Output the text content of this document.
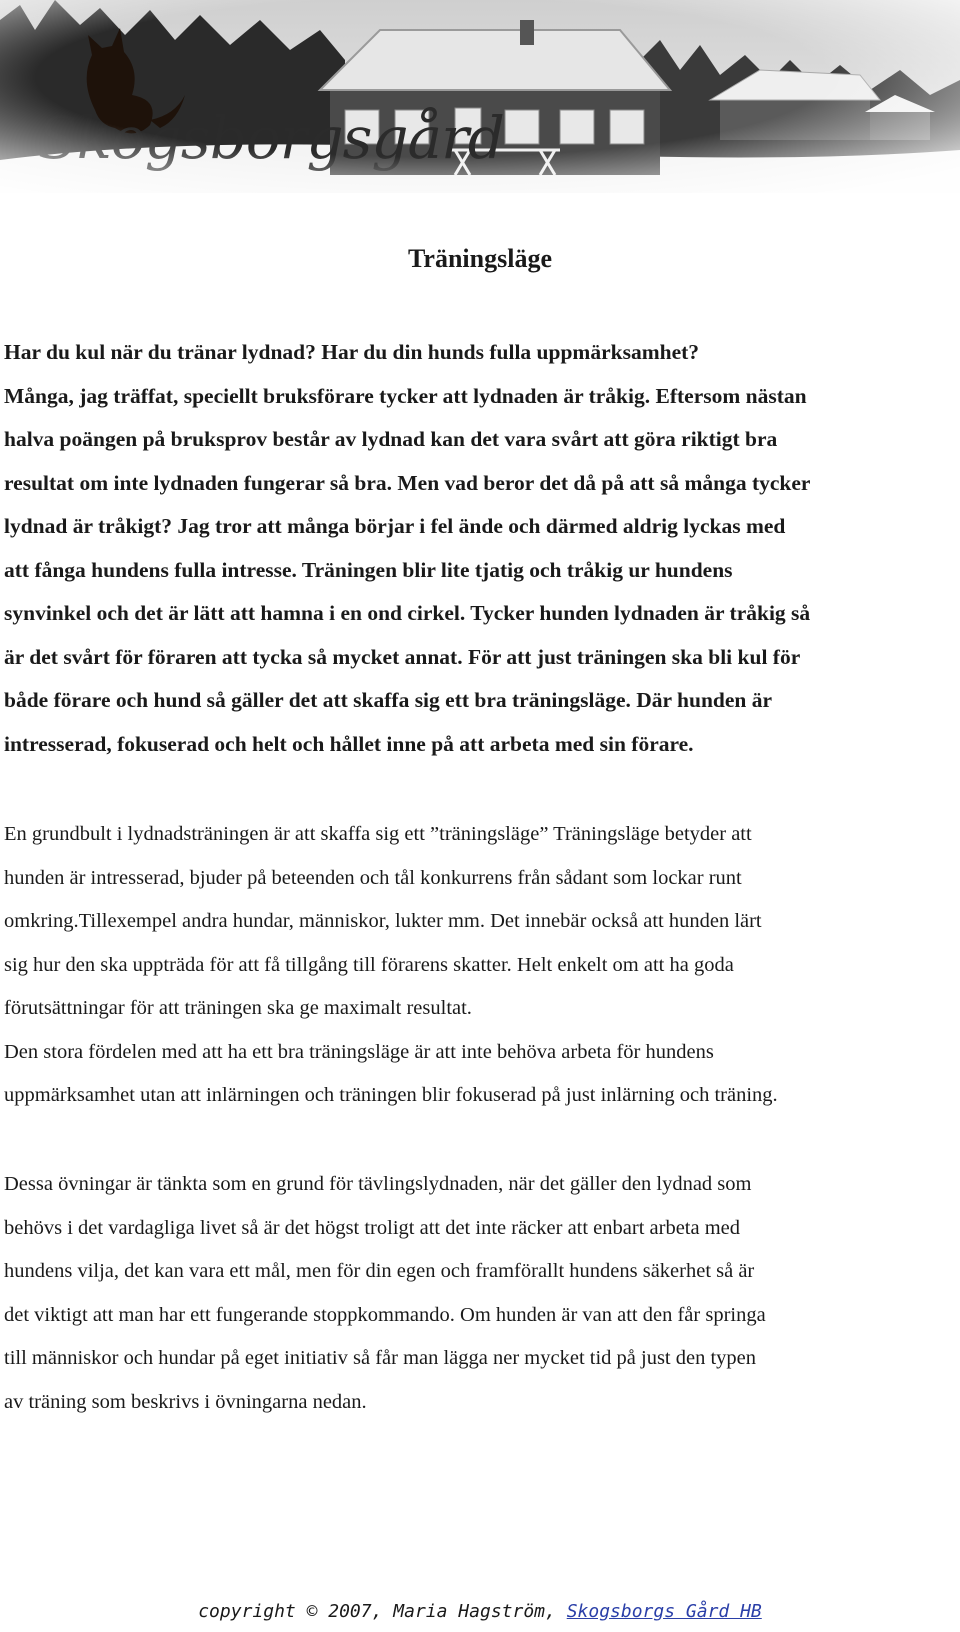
Träningsläge
Har du kul när du tränar lydnad? Har du din hunds fulla uppmärksamhet?
Många, jag träffat, speciellt bruksförare tycker att lydnaden är tråkig. Eftersom nästan
halva poängen på bruksprov består av lydnad kan det vara svårt att göra riktigt bra
resultat om inte lydnaden fungerar så bra. Men vad beror det då på att så många tycker
lydnad är tråkigt? Jag tror att många börjar i fel ände och därmed aldrig lyckas med
att fånga hundens fulla intresse. Träningen blir lite tjatig och tråkig ur hundens
synvinkel och det är lätt att hamna i en ond cirkel. Tycker hunden lydnaden är tråkig så
är det svårt för föraren att tycka så mycket annat. För att just träningen ska bli kul för
både förare och hund så gäller det att skaffa sig ett bra träningsläge. Där hunden är
intresserad, fokuserad och helt och hållet inne på att arbeta med sin förare.
En grundbult i lydnadsträningen är att skaffa sig ett ”träningsläge” Träningsläge betyder att
hunden är intresserad, bjuder på beteenden och tål konkurrens från sådant som lockar runt
omkring.Tillexempel andra hundar, människor, lukter mm. Det innebär också att hunden lärt
sig hur den ska uppträda för att få tillgång till förarens skatter. Helt enkelt om att ha goda
förutsättningar för att träningen ska ge maximalt resultat.
Den stora fördelen med att ha ett bra träningsläge är att inte behöva arbeta för hundens
uppmärksamhet utan att inlärningen och träningen blir fokuserad på just inlärning och träning.
Dessa övningar är tänkta som en grund för tävlingslydnaden, när det gäller den lydnad som
behövs i det vardagliga livet så är det högst troligt att det inte räcker att enbart arbeta med
hundens vilja, det kan vara ett mål, men för din egen och framförallt hundens säkerhet så är
det viktigt att man har ett fungerande stoppkommando. Om hunden är van att den får springa
till människor och hundar på eget initiativ så får man lägga ner mycket tid på just den typen
av träning som beskrivs i övningarna nedan.
copyright © 2007, Maria Hagström, Skogsborgs Gård HB
